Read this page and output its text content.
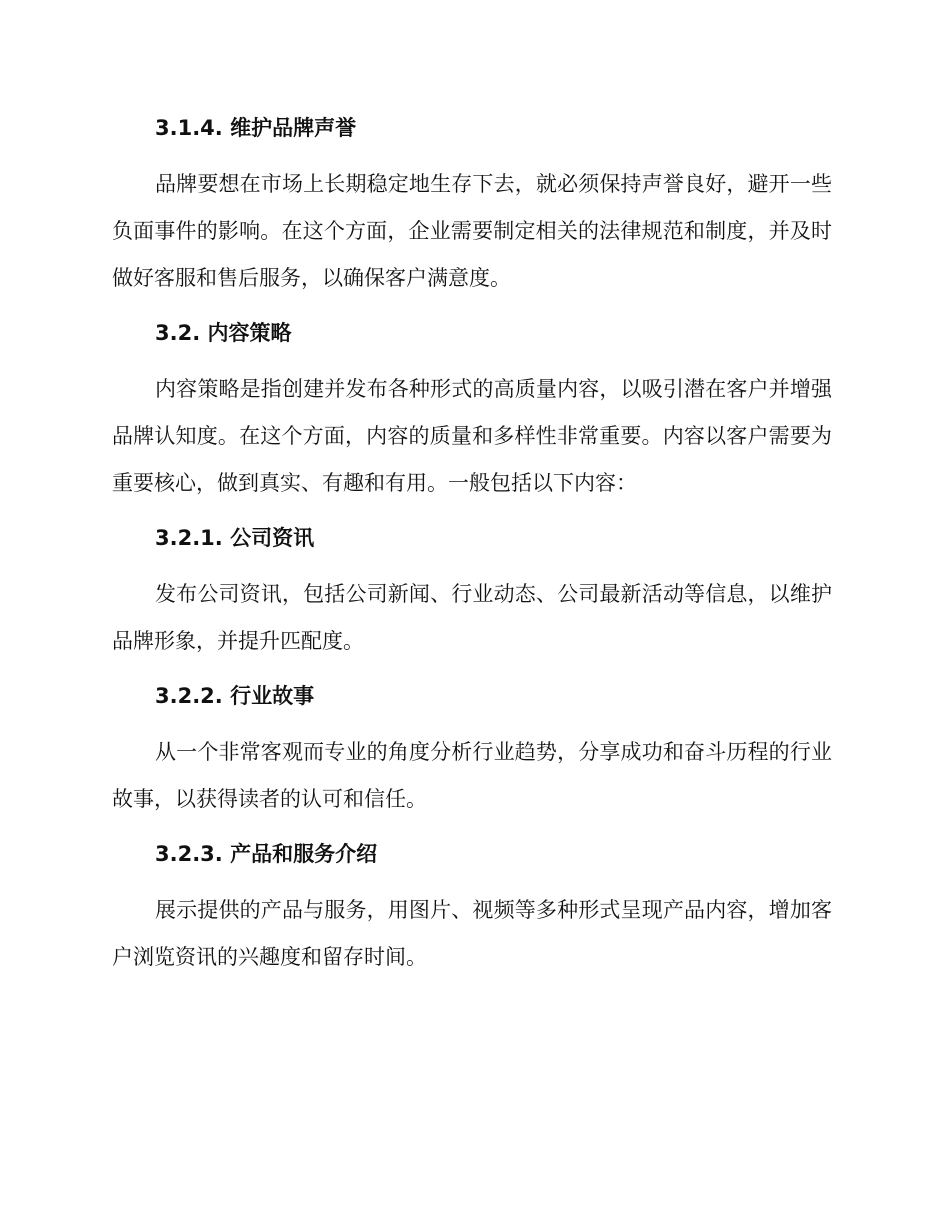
3.1.4. 维护品牌声誉

品牌要想在市场上长期稳定地生存下去，就必须保持声誉良好，避开一些负面事件的影响。在这个方面，企业需要制定相关的法律规范和制度，并及时做好客服和售后服务，以确保客户满意度。

3.2. 内容策略

内容策略是指创建并发布各种形式的高质量内容，以吸引潜在客户并增强品牌认知度。在这个方面，内容的质量和多样性非常重要。内容以客户需要为重要核心，做到真实、有趣和有用。一般包括以下内容：

3.2.1. 公司资讯

发布公司资讯，包括公司新闻、行业动态、公司最新活动等信息，以维护品牌形象，并提升匹配度。

3.2.2. 行业故事

从一个非常客观而专业的角度分析行业趋势，分享成功和奋斗历程的行业故事，以获得读者的认可和信任。

3.2.3. 产品和服务介绍

展示提供的产品与服务，用图片、视频等多种形式呈现产品内容，增加客户浏览资讯的兴趣度和留存时间。
